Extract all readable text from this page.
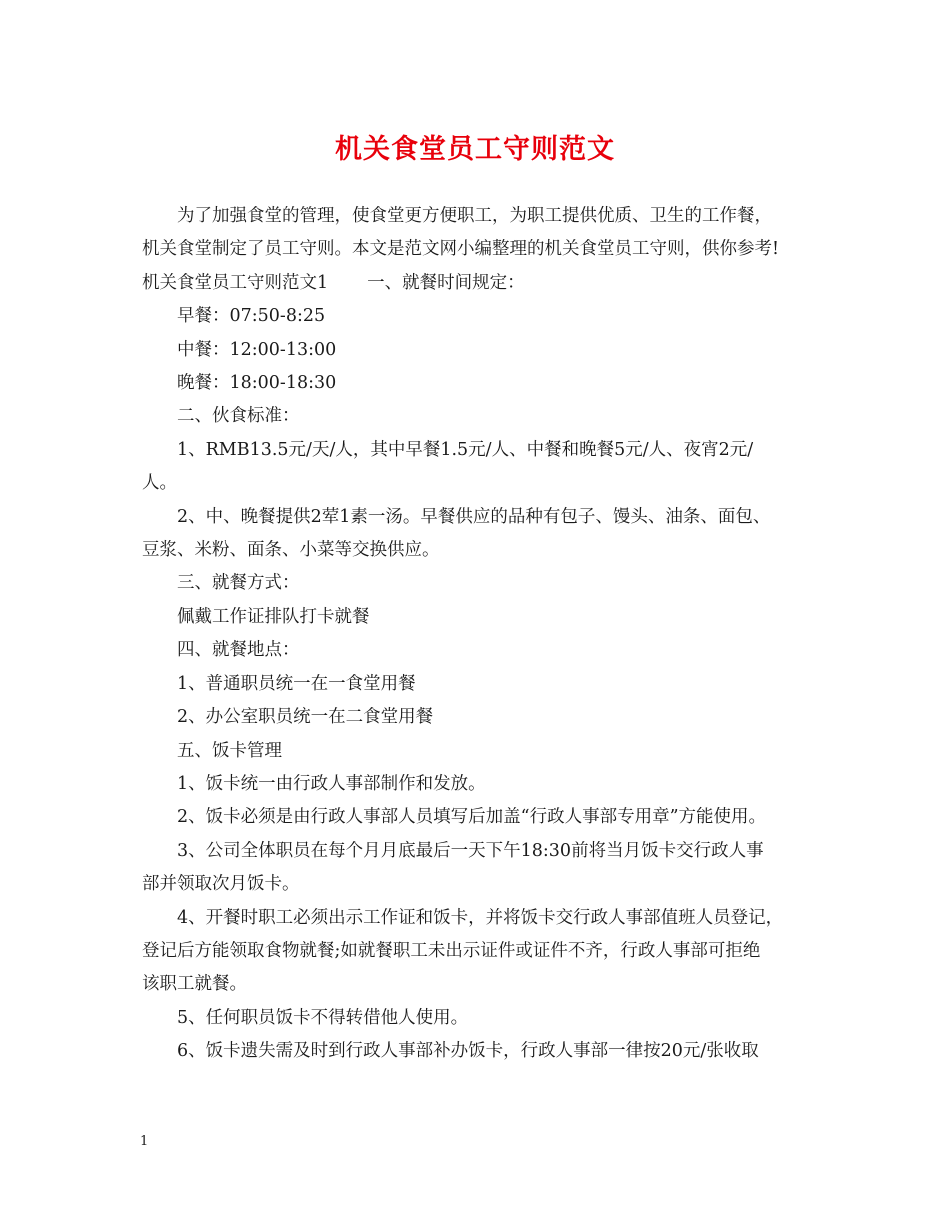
机关食堂员工守则范文

为了加强食堂的管理，使食堂更方便职工，为职工提供优质、卫生的工作餐，

机关食堂制定了员工守则。本文是范文网小编整理的机关食堂员工守则，供你参考!

机关食堂员工守则范文1       一、就餐时间规定：

早餐：07:50-8:25

中餐：12:00-13:00

晚餐：18:00-18:30

二、伙食标准：

1、RMB13.5元/天/人，其中早餐1.5元/人、中餐和晚餐5元/人、夜宵2元/

人。

2、中、晚餐提供2荤1素一汤。早餐供应的品种有包子、馒头、油条、面包、

豆浆、米粉、面条、小菜等交换供应。

三、就餐方式：

佩戴工作证排队打卡就餐

四、就餐地点：

1、普通职员统一在一食堂用餐

2、办公室职员统一在二食堂用餐

五、饭卡管理

1、饭卡统一由行政人事部制作和发放。

2、饭卡必须是由行政人事部人员填写后加盖“行政人事部专用章”方能使用。

3、公司全体职员在每个月月底最后一天下午18:30前将当月饭卡交行政人事

部并领取次月饭卡。

4、开餐时职工必须出示工作证和饭卡，并将饭卡交行政人事部值班人员登记，

登记后方能领取食物就餐;如就餐职工未出示证件或证件不齐，行政人事部可拒绝

该职工就餐。

5、任何职员饭卡不得转借他人使用。

6、饭卡遗失需及时到行政人事部补办饭卡，行政人事部一律按20元/张收取

1
